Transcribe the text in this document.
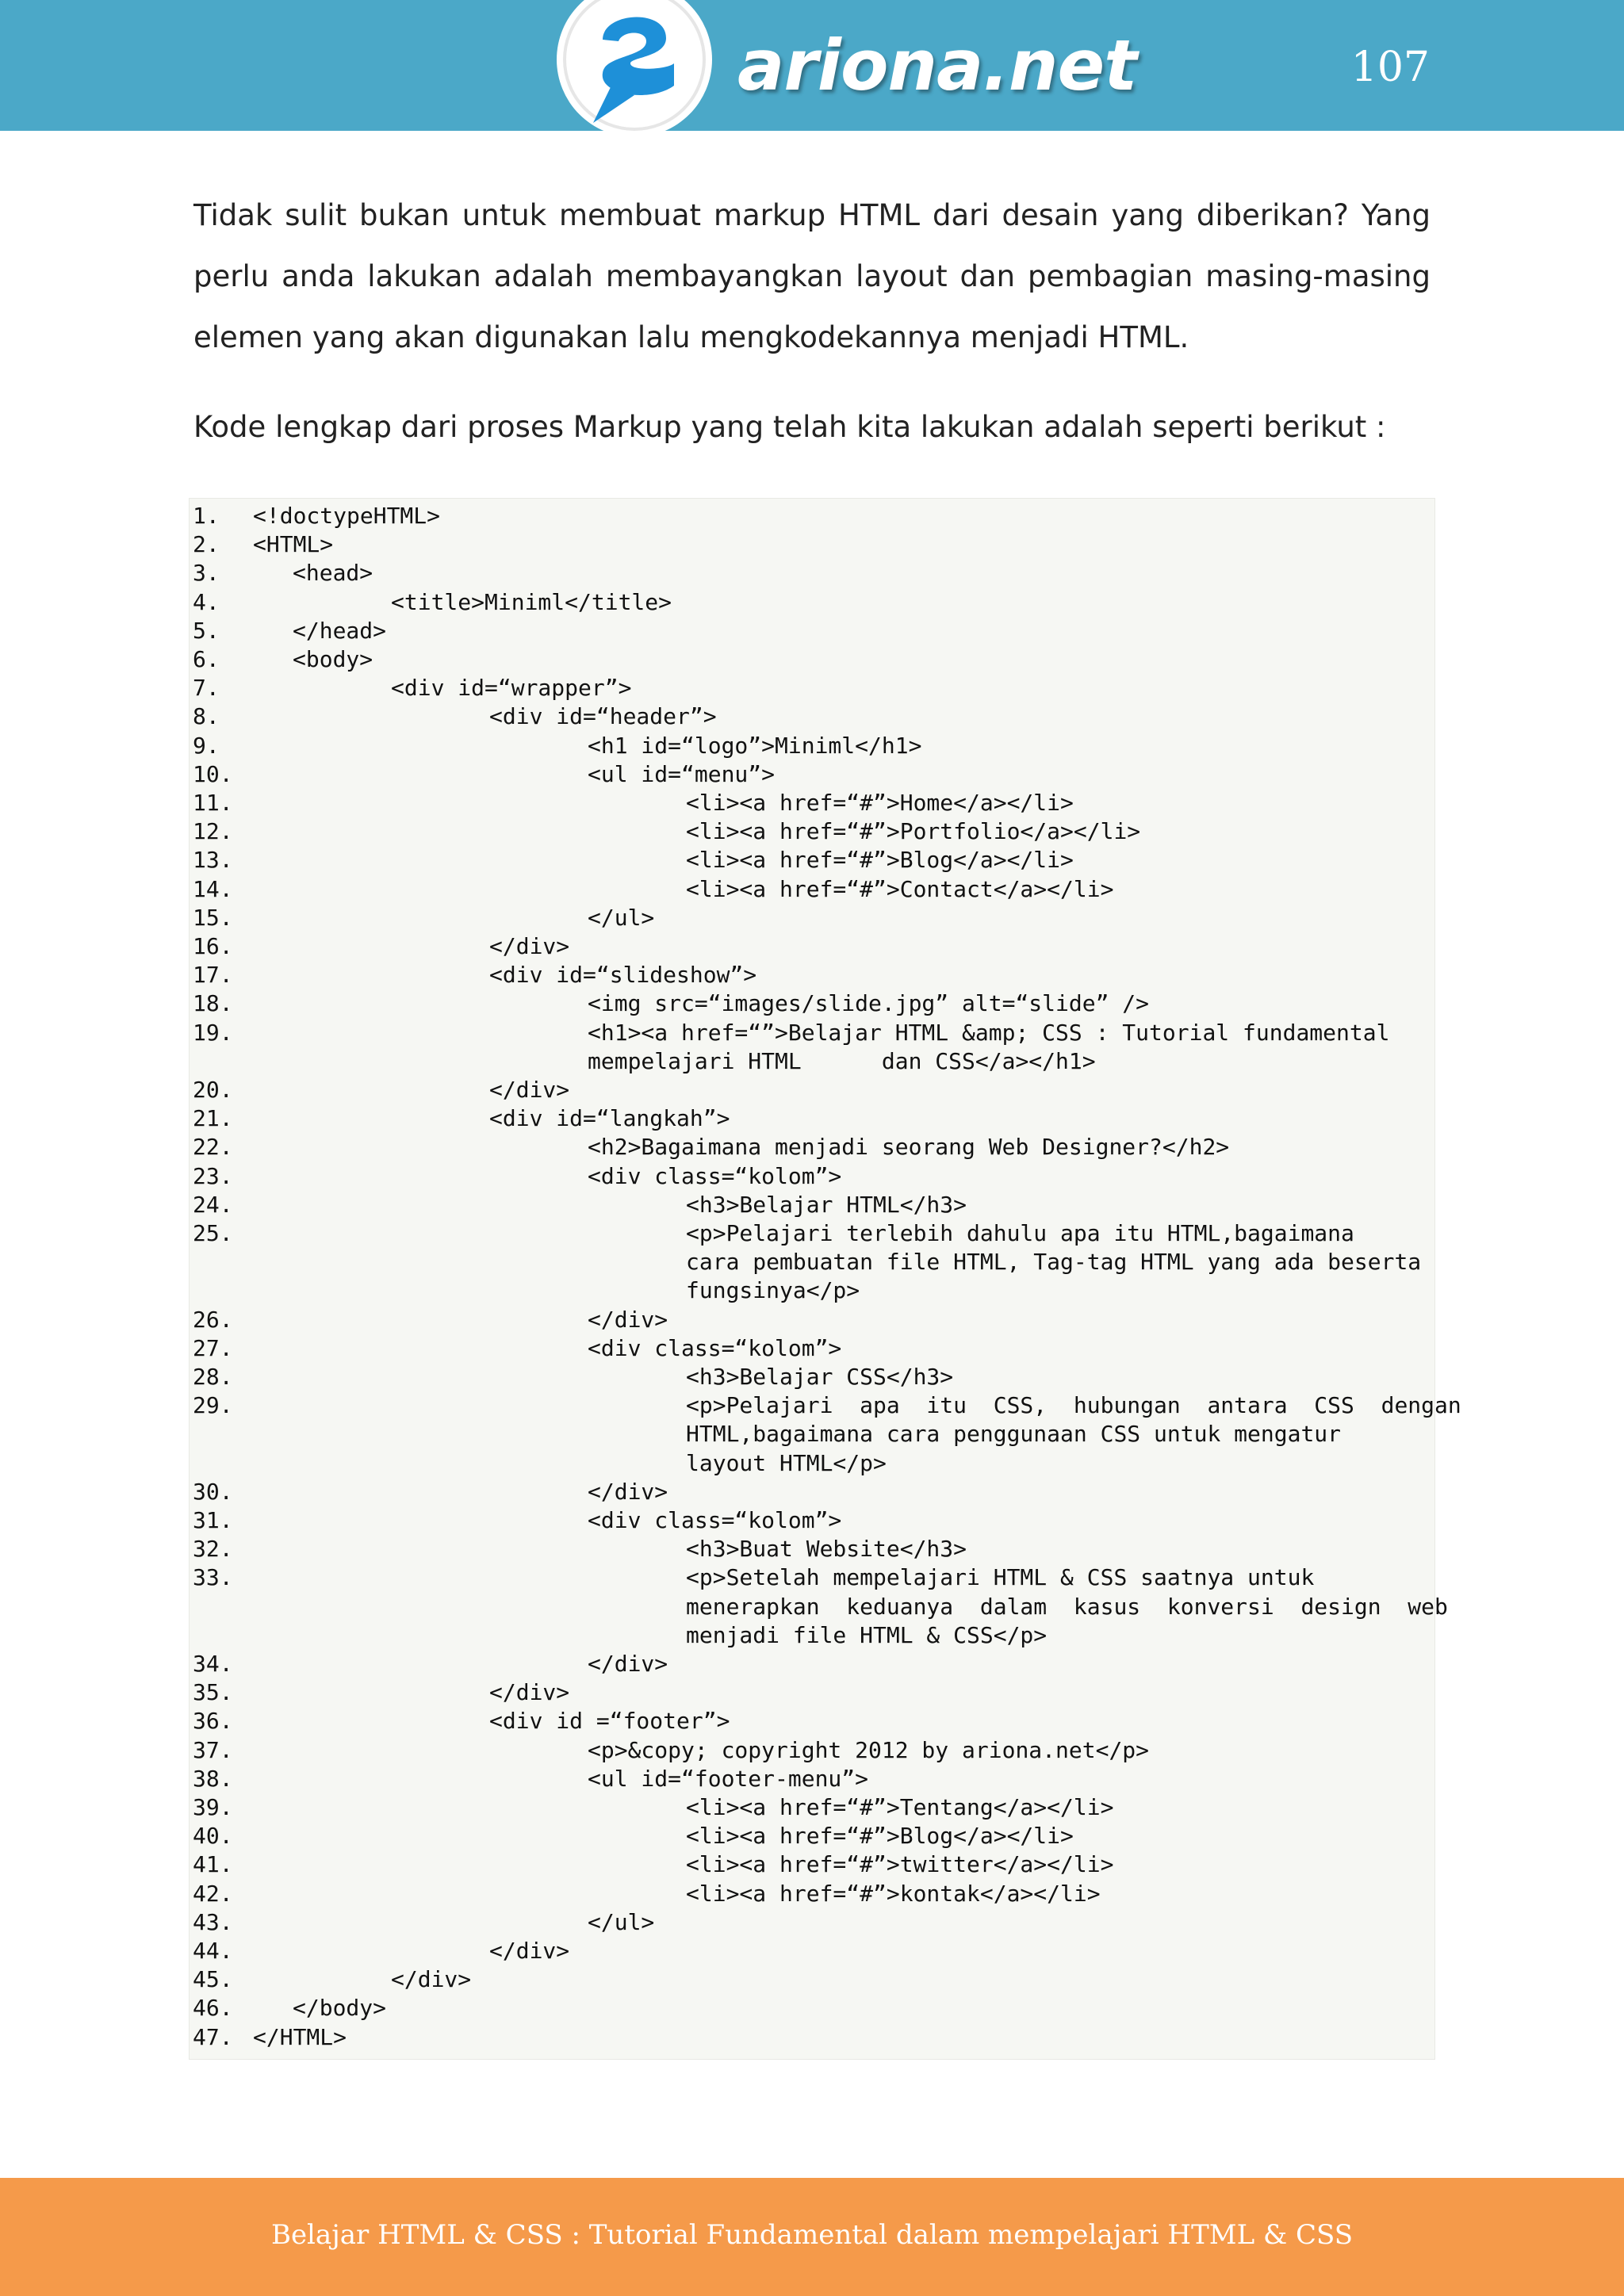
ariona.net	107
Tidak sulit bukan untuk membuat markup HTML dari desain yang diberikan? Yang perlu anda lakukan adalah membayangkan layout dan pembagian masing-masing elemen yang akan digunakan lalu mengkodekannya menjadi HTML.
Kode lengkap dari proses Markup yang telah kita lakukan adalah seperti berikut :
1. <!doctypeHTML>
2. <HTML>
3.	<head>
4.	<title>Miniml</title>
5.	</head>
6.	<body>
7.	<div id=“wrapper”>
8.	<div id=“header”>
9.	<h1 id=“logo”>Miniml</h1>
10.	<ul id=“menu”>
11.	<li><a href=“#”>Home</a></li>
12.	<li><a href=“#”>Portfolio</a></li>
13.	<li><a href=“#”>Blog</a></li>
14.	<li><a href=“#”>Contact</a></li>
15.	</ul>
16.	</div>
17.	<div id=“slideshow”>
18.	<img src=“images/slide.jpg” alt=“slide” />
19.	<h1><a href=“”>Belajar HTML &amp; CSS : Tutorial fundamental
mempelajari HTML      dan CSS</a></h1>
20.	</div>
21.	<div id=“langkah”>
22.	<h2>Bagaimana menjadi seorang Web Designer?</h2>
23.	<div class=“kolom”>
24.	<h3>Belajar HTML</h3>
25.	<p>Pelajari terlebih dahulu apa itu HTML,bagaimana
cara pembuatan file HTML, Tag-tag HTML yang ada beserta
fungsinya</p>
26.	</div>
27.	<div class=“kolom”>
28.	<h3>Belajar CSS</h3>
29.	<p>Pelajari  apa  itu  CSS,  hubungan  antara  CSS  dengan
HTML,bagaimana cara penggunaan CSS untuk mengatur
layout HTML</p>
30.	</div>
31.	<div class=“kolom”>
32.	<h3>Buat Website</h3>
33.	<p>Setelah mempelajari HTML & CSS saatnya untuk
menerapkan  keduanya  dalam  kasus  konversi  design  web
menjadi file HTML & CSS</p>
34.	</div>
35.	</div>
36.	<div id =“footer”>
37.	<p>&copy; copyright 2012 by ariona.net</p>
38.	<ul id=“footer-menu”>
39.	<li><a href=“#”>Tentang</a></li>
40.	<li><a href=“#”>Blog</a></li>
41.	<li><a href=“#”>twitter</a></li>
42.	<li><a href=“#”>kontak</a></li>
43.	</ul>
44.	</div>
45.	</div>
46.	</body>
47. </HTML>
Belajar HTML & CSS : Tutorial Fundamental dalam mempelajari HTML & CSS
